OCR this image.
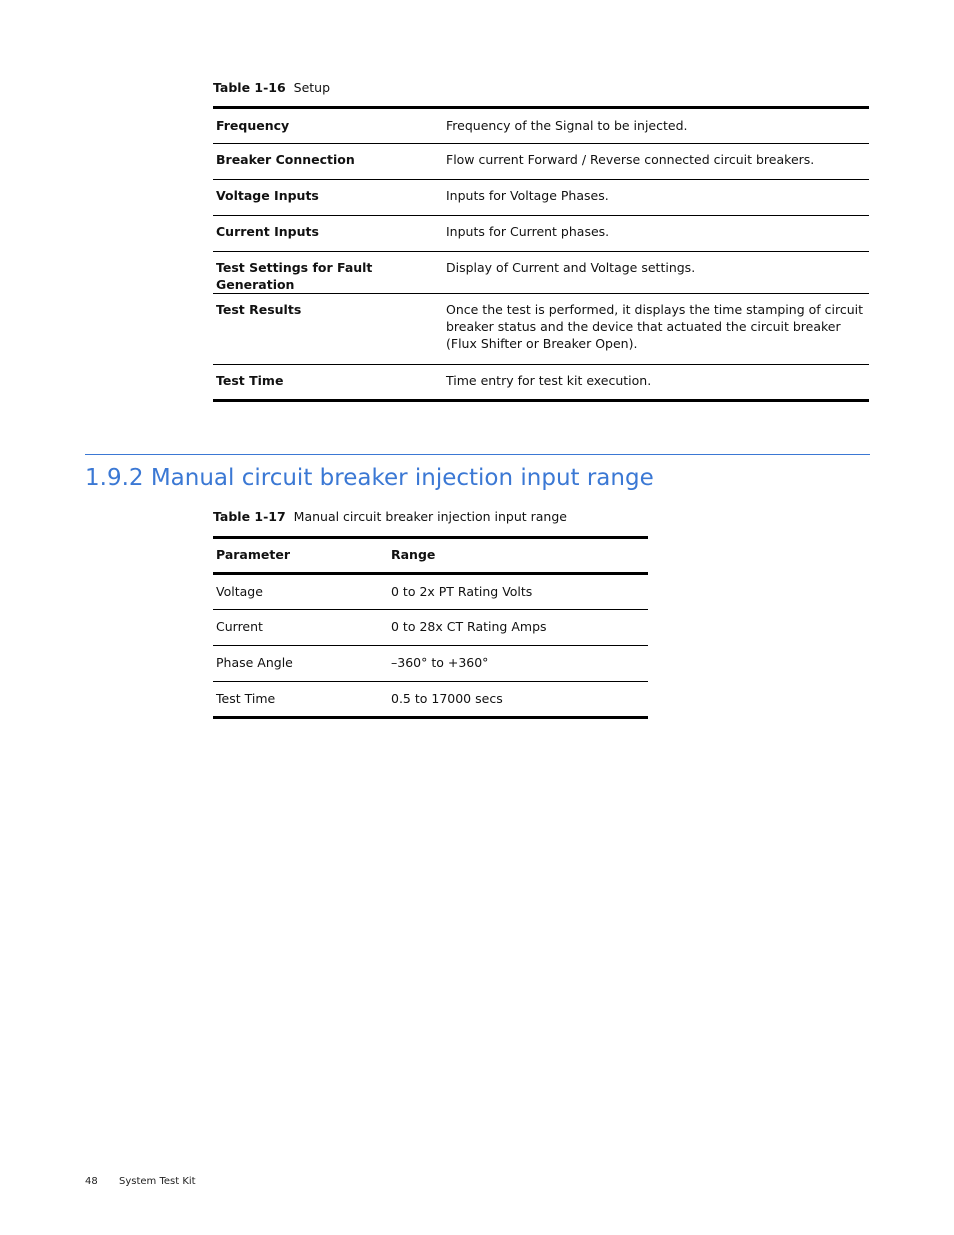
Table 1-16 Setup
Frequency	Frequency of the Signal to be injected.
Breaker Connection	Flow current Forward / Reverse connected circuit breakers.
Voltage Inputs	Inputs for Voltage Phases.
Current Inputs	Inputs for Current phases.
Test Settings for Fault Generation	Display of Current and Voltage settings.
Test Results	Once the test is performed, it displays the time stamping of circuit breaker status and the device that actuated the circuit breaker (Flux Shifter or Breaker Open).
Test Time	Time entry for test kit execution.
1.9.2 Manual circuit breaker injection input range
Table 1-17 Manual circuit breaker injection input range
Parameter	Range
Voltage	0 to 2x PT Rating Volts
Current	0 to 28x CT Rating Amps
Phase Angle	–360° to +360°
Test Time	0.5 to 17000 secs
48 System Test Kit
